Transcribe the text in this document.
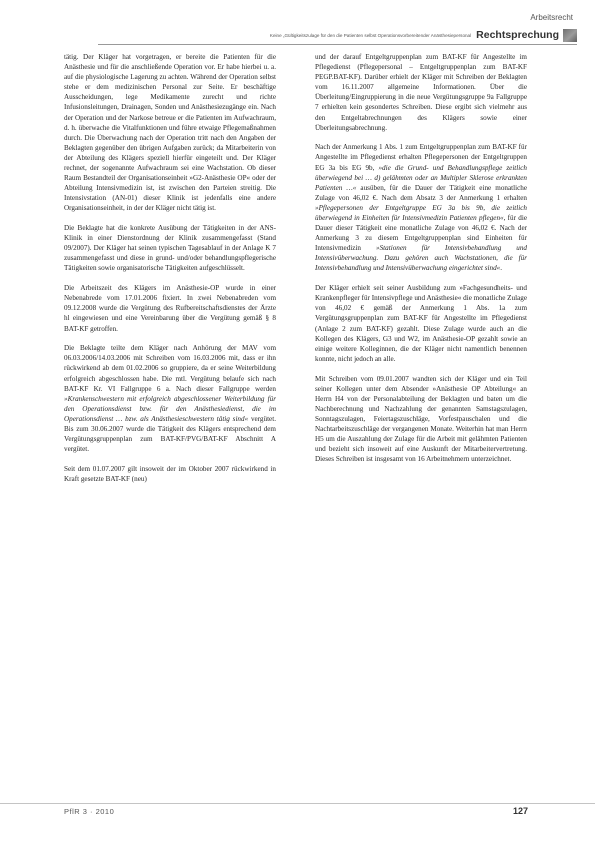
Arbeitsrecht
Keine „Gültigkeitszulage für den die Patienten selbst Operationsvorbereitender Anästhesiepersonal Rechtsprechung

tätig. Der Kläger hat vorgetragen, er bereite die Patienten für die Anästhesie und für die anschließende Operation vor. Er habe hierbei u. a. auf die physiologische Lagerung zu achten. Während der Operation selbst stehe er dem medizinischen Personal zur Seite. Er beschäftige Ausscheidungen, lege Medikamente zurecht und richte Infusionsleitungen, Drainagen, Sonden und Anästhesiezugänge ein. Nach der Operation und der Narkose betreue er die Patienten im Aufwachraum, d. h. überwache die Vitalfunktionen und führe etwaige Pflegemaßnahmen durch. Die Überwachung nach der Operation tritt nach den Angaben der Beklagten gegenüber den übrigen Aufgaben zurück; da Mitarbeiterin von der Abteilung des Klägers speziell hierfür eingeteilt und. Der Kläger rechnet, der sogenannte Aufwachraum sei eine Wachstation. Ob dieser Raum Bestandteil der Organisationseinheit »G2-Anästhesie OP« oder der Abteilung Intensivmedizin ist, ist zwischen den Parteien streitig. Die Intensivstation (AN-01) dieser Klinik ist jedenfalls eine andere Organisationseinheit, in der der Kläger nicht tätig ist.

Die Beklagte hat die konkrete Ausübung der Tätigkeiten in der ANS-Klinik in einer Dienstordnung der Klinik zusammengefasst (Stand 09/2007). Der Kläger hat seinen typischen Tagesablauf in der Anlage K 7 zusammengefasst und diese in grund- und/oder behandlungspflegerische Tätigkeiten sowie organisatorische Tätigkeiten aufgeschlüsselt.

Die Arbeitszeit des Klägers im Anästhesie-OP wurde in einer Nebenabrede vom 17.01.2006 fixiert. In zwei Nebenabreden vom 09.12.2008 wurde die Vergütung des Rufbereitschaftsdienstes der Ärzte hl eingewiesen und eine Vereinbarung über die Vergütung gemäß § 8 BAT-KF getroffen.

Die Beklagte teilte dem Kläger nach Anhörung der MAV vom 06.03.2006/14.03.2006 mit Schreiben vom 16.03.2006 mit, dass er ihn rückwirkend ab dem 01.02.2006 so gruppiere, da er seine Weiterbildung erfolgreich abgeschlossen habe. Die mtl. Vergütung belaufe sich nach BAT-KF Kr. VI Fallgruppe 6 a. Nach dieser Fallgruppe werden »Krankenschwestern mit erfolgreich abgeschlossener Weiterbildung für den Operationsdienst bzw. für den Anästhesiedienst, die im Operationsdienst … bzw. als Anästhesieschwestern tätig sind« vergütet. Bis zum 30.06.2007 wurde die Tätigkeit des Klägers entsprechend dem Vergütungsgruppenplan zum BAT-KF/PVG/BAT-KF Abschnitt A vergütet.

Seit dem 01.07.2007 gilt insoweit der im Oktober 2007 rückwirkend in Kraft gesetzte BAT-KF (neu)

und der darauf Entgeltgruppenplan zum BAT-KF für Angestellte im Pflegedienst (Pflegepersonal – Entgeltgruppenplan zum BAT-KF PEGP.BAT-KF). Darüber erhielt der Kläger mit Schreiben der Beklagten vom 16.11.2007 allgemeine Informationen. Über die Überleitung/Eingruppierung in die neue Vergütungsgruppe 9a Fallgruppe 7 erhielten kein gesondertes Schreiben. Diese ergibt sich vielmehr aus den Entgeltabrechnungen des Klägers sowie einer Überleitungsabrechnung.

Nach der Anmerkung 1 Abs. 1 zum Entgeltgruppenplan zum BAT-KF für Angestellte im Pflegedienst erhalten Pflegepersonen der Entgeltgruppen EG 3a bis EG 9b, »die die Grund- und Behandlungspflege zeitlich überwiegend bei … d) gelähmten oder an Multipler Sklerose erkrankten Patienten …« ausüben, für die Dauer der Tätigkeit eine monatliche Zulage von 46,02 €. Nach dem Absatz 3 der Anmerkung 1 erhalten »Pflegepersonen der Entgeltgruppe EG 3a bis 9b, die zeitlich überwiegend in Einheiten für Intensivmedizin Patienten pflegen«, für die Dauer dieser Tätigkeit eine monatliche Zulage von 46,02 €. Nach der Anmerkung 3 zu diesem Entgeltgruppenplan sind Einheiten für Intensivmedizin »Stationen für Intensivbehandlung und Intensivüberwachung. Dazu gehören auch Wachstationen, die für Intensivbehandlung und Intensivüberwachung eingerichtet sind«.

Der Kläger erhielt seit seiner Ausbildung zum »Fachgesundheits- und Krankenpfleger für Intensivpflege und Anästhesie« die monatliche Zulage von 46,02 € gemäß der Anmerkung 1 Abs. 1a zum Vergütungsgruppenplan zum BAT-KF für Angestellte im Pflegedienst (Anlage 2 zum BAT-KF) gezahlt. Diese Zulage wurde auch an die Kollegen des Klägers, G3 und W2, im Anästhesie-OP gezahlt sowie an einige weitere Kolleginnen, die der Kläger nicht namentlich benennen konnte, nicht jedoch an alle.

Mit Schreiben vom 09.01.2007 wandten sich der Kläger und ein Teil seiner Kollegen unter dem Absender »Anästhesie OP Abteilung« an Herrn H4 von der Personalabteilung der Beklagten und baten um die Nachberechnung und Nachzahlung der genannten Samstagszulagen, Sonntagszulagen, Feiertagszuschläge, Vorfestpauschalen und die Nachtarbeitszuschläge der vergangenen Monate. Weiterhin hat man Herrn H5 um die Auszahlung der Zulage für die Arbeit mit gelähmten Patienten und bezieht sich insoweit auf eine Auskunft der Mitarbeitervertretung. Dieses Schreiben ist insgesamt von 16 Arbeitnehmern unterzeichnet.

PflR 3 · 2010	127
